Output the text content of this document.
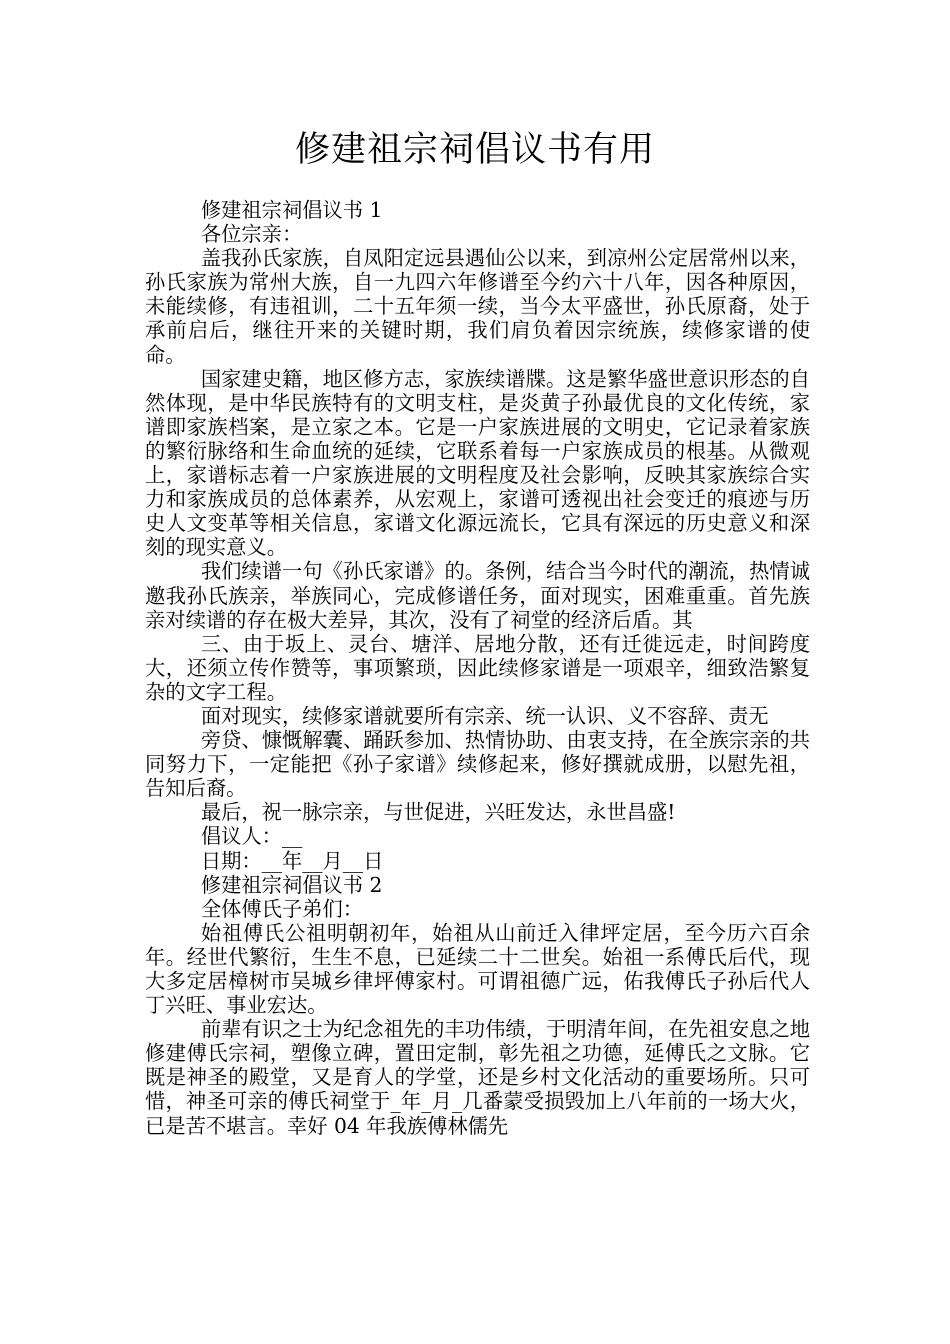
修建祖宗祠倡议书有用

修建祖宗祠倡议书 1

各位宗亲：

盖我孙氏家族，自凤阳定远县遇仙公以来，到凉州公定居常州以来，孙氏家族为常州大族，自一九四六年修谱至今约六十八年，因各种原因，未能续修，有违祖训，二十五年须一续，当今太平盛世，孙氏原裔，处于承前启后，继往开来的关键时期，我们肩负着因宗统族，续修家谱的使命。

国家建史籍，地区修方志，家族续谱牒。这是繁华盛世意识形态的自然体现，是中华民族特有的文明支柱，是炎黄子孙最优良的文化传统，家谱即家族档案，是立家之本。它是一户家族进展的文明史，它记录着家族的繁衍脉络和生命血统的延续，它联系着每一户家族成员的根基。从微观上，家谱标志着一户家族进展的文明程度及社会影响，反映其家族综合实力和家族成员的总体素养，从宏观上，家谱可透视出社会变迁的痕迹与历史人文变革等相关信息，家谱文化源远流长，它具有深远的历史意义和深刻的现实意义。

我们续谱一句《孙氏家谱》的。条例，结合当今时代的潮流，热情诚邀我孙氏族亲，举族同心，完成修谱任务，面对现实，困难重重。首先族亲对续谱的存在极大差异，其次，没有了祠堂的经济后盾。其

三、由于坂上、灵台、塘洋、居地分散，还有迁徙远走，时间跨度大，还须立传作赞等，事项繁琐，因此续修家谱是一项艰辛，细致浩繁复杂的文字工程。

面对现实，续修家谱就要所有宗亲、统一认识、义不容辞、责无

旁贷、慷慨解囊、踊跃参加、热情协助、由衷支持，在全族宗亲的共同努力下，一定能把《孙子家谱》续修起来，修好撰就成册，以慰先祖，告知后裔。

最后，祝一脉宗亲，与世促进，兴旺发达，永世昌盛!

倡议人：__

日期：__年__月__日

修建祖宗祠倡议书 2

全体傅氏子弟们：

始祖傅氏公祖明朝初年，始祖从山前迁入律坪定居，至今历六百余年。经世代繁衍，生生不息，已延续二十二世矣。始祖一系傅氏后代，现大多定居樟树市吴城乡律坪傅家村。可谓祖德广远，佑我傅氏子孙后代人丁兴旺、事业宏达。

前辈有识之士为纪念祖先的丰功伟绩，于明清年间，在先祖安息之地修建傅氏宗祠，塑像立碑，置田定制，彰先祖之功德，延傅氏之文脉。它既是神圣的殿堂，又是育人的学堂，还是乡村文化活动的重要场所。只可惜，神圣可亲的傅氏祠堂于_年_月_几番蒙受损毁加上八年前的一场大火，已是苦不堪言。幸好 04 年我族傅林儒先
